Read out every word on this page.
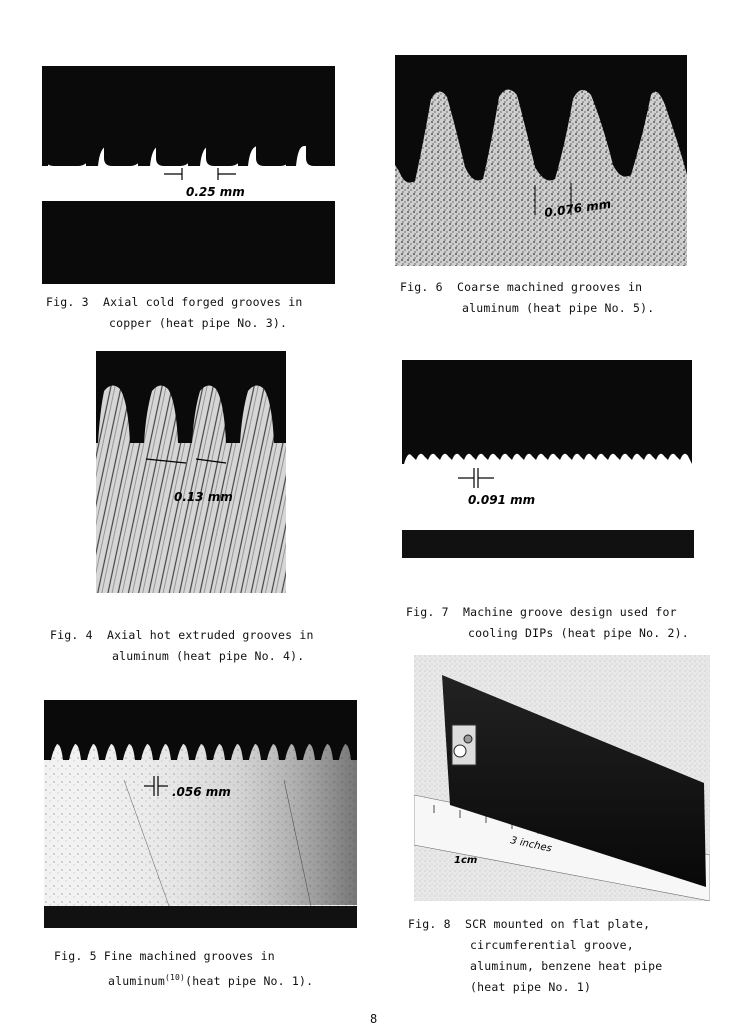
0.25 mm
Fig. 3 Axial cold forged grooves in
copper (heat pipe No. 3).
0.076 mm
Fig. 6 Coarse machined grooves in
aluminum (heat pipe No. 5).
0.13 mm
Fig. 4 Axial hot extruded grooves in
aluminum (heat pipe No. 4).
0.091 mm
Fig. 7 Machine groove design used for
cooling DIPs (heat pipe No. 2).
.056 mm
Fig. 5 Fine machined grooves in
aluminum$^{(10)}$(heat pipe No. 1).
1cm
3 inches
Fig. 8 SCR mounted on flat plate,
circumferential groove,
aluminum, benzene heat pipe
(heat pipe No. 1)
8
